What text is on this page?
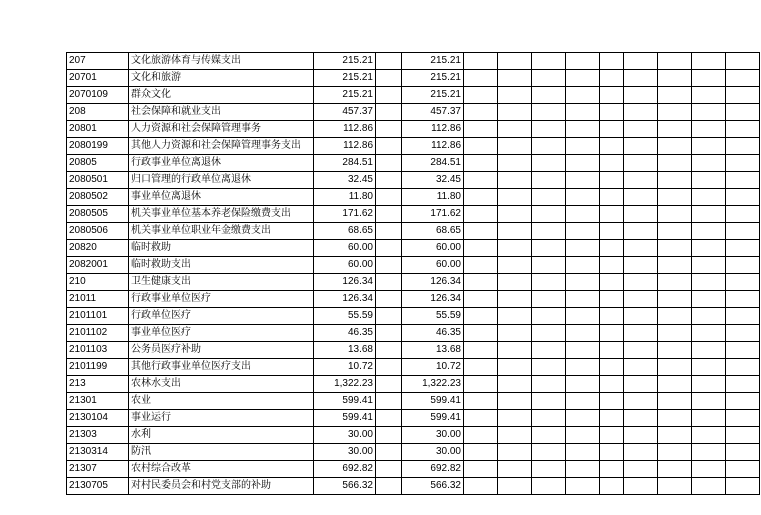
207	文化旅游体育与传媒支出	215.21		215.21									
20701	文化和旅游	215.21		215.21									
2070109	群众文化	215.21		215.21									
208	社会保障和就业支出	457.37		457.37									
20801	人力资源和社会保障管理事务	112.86		112.86									
2080199	其他人力资源和社会保障管理事务支出	112.86		112.86									
20805	行政事业单位离退休	284.51		284.51									
2080501	归口管理的行政单位离退休	32.45		32.45									
2080502	事业单位离退休	11.80		11.80									
2080505	机关事业单位基本养老保险缴费支出	171.62		171.62									
2080506	机关事业单位职业年金缴费支出	68.65		68.65									
20820	临时救助	60.00		60.00									
2082001	临时救助支出	60.00		60.00									
210	卫生健康支出	126.34		126.34									
21011	行政事业单位医疗	126.34		126.34									
2101101	行政单位医疗	55.59		55.59									
2101102	事业单位医疗	46.35		46.35									
2101103	公务员医疗补助	13.68		13.68									
2101199	其他行政事业单位医疗支出	10.72		10.72									
213	农林水支出	1,322.23		1,322.23									
21301	农业	599.41		599.41									
2130104	事业运行	599.41		599.41									
21303	水利	30.00		30.00									
2130314	防汛	30.00		30.00									
21307	农村综合改革	692.82		692.82									
2130705	对村民委员会和村党支部的补助	566.32		566.32									
